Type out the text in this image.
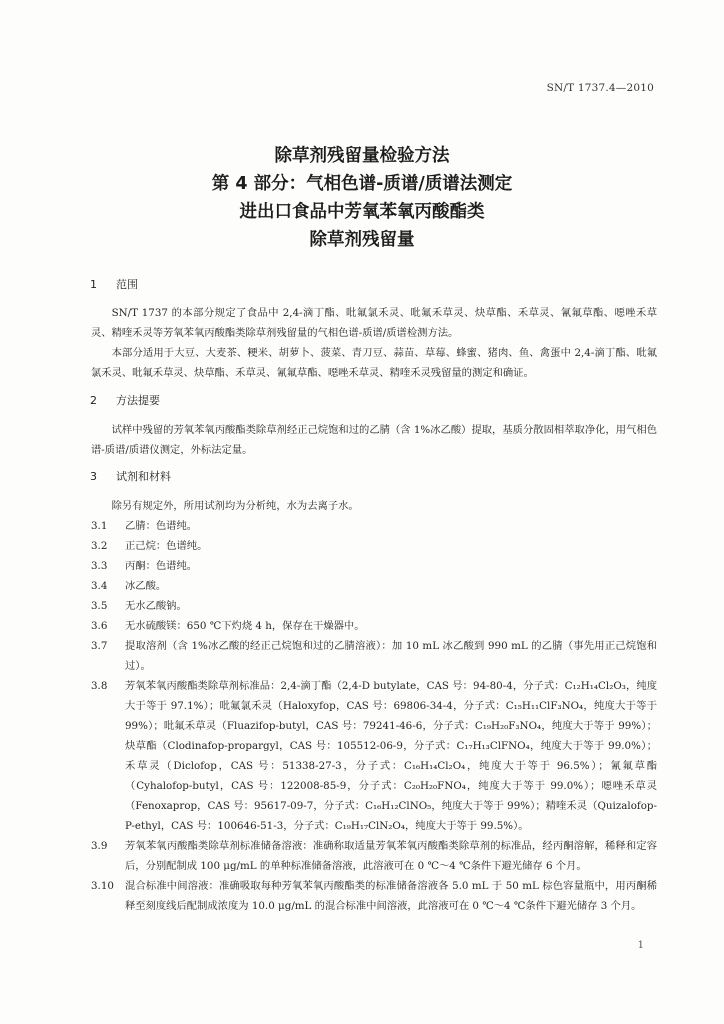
SN/T 1737.4—2010
除草剂残留量检验方法
第 4 部分：气相色谱-质谱/质谱法测定
进出口食品中芳氧苯氧丙酸酯类
除草剂残留量
1 范围

SN/T 1737 的本部分规定了食品中 2,4-滴丁酯、吡氟氯禾灵、吡氟禾草灵、炔草酯、禾草灵、氰氟草酯、噁唑禾草灵、精喹禾灵等芳氧苯氧丙酸酯类除草剂残留量的气相色谱-质谱/质谱检测方法。

本部分适用于大豆、大麦茶、粳米、胡萝卜、菠菜、青刀豆、蒜苗、草莓、蜂蜜、猪肉、鱼、禽蛋中 2,4-滴丁酯、吡氟氯禾灵、吡氟禾草灵、炔草酯、禾草灵、氰氟草酯、噁唑禾草灵、精喹禾灵残留量的测定和确证。

2 方法提要

试样中残留的芳氧苯氧丙酸酯类除草剂经正己烷饱和过的乙腈（含 1%冰乙酸）提取，基质分散固相萃取净化，用气相色谱-质谱/质谱仪测定，外标法定量。

3 试剂和材料

除另有规定外，所用试剂均为分析纯，水为去离子水。

3.1	乙腈：色谱纯。
3.2	正己烷：色谱纯。
3.3	丙酮：色谱纯。
3.4	冰乙酸。
3.5	无水乙酸钠。
3.6	无水硫酸镁：650 ℃下灼烧 4 h，保存在干燥器中。
3.7	提取溶剂（含 1%冰乙酸的经正己烷饱和过的乙腈溶液）：加 10 mL 冰乙酸到 990 mL 的乙腈（事先用正己烷饱和过）。
3.8	芳氧苯氧丙酸酯类除草剂标准品：2,4-滴丁酯（2,4-D butylate，CAS 号：94-80-4，分子式：C₁₂H₁₄Cl₂O₃，纯度大于等于 97.1%）；吡氟氯禾灵（Haloxyfop，CAS 号：69806-34-4，分子式：C₁₅H₁₁ClF₃NO₄，纯度大于等于 99%）；吡氟禾草灵（Fluazifop-butyl，CAS 号：79241-46-6，分子式：C₁₉H₂₀F₃NO₄，纯度大于等于 99%）；炔草酯（Clodinafop-propargyl，CAS 号：105512-06-9，分子式：C₁₇H₁₃ClFNO₄，纯度大于等于 99.0%）；禾草灵（Diclofop，CAS 号：51338-27-3，分子式：C₁₆H₁₄Cl₂O₄，纯度大于等于 96.5%）；氰氟草酯（Cyhalofop-butyl，CAS 号：122008-85-9，分子式：C₂₀H₂₀FNO₄，纯度大于等于 99.0%）；噁唑禾草灵（Fenoxaprop，CAS 号：95617-09-7，分子式：C₁₆H₁₂ClNO₅，纯度大于等于 99%）；精喹禾灵（Quizalofop-P-ethyl，CAS 号：100646-51-3，分子式：C₁₉H₁₇ClN₂O₄，纯度大于等于 99.5%）。
3.9	芳氧苯氧丙酸酯类除草剂标准储备溶液：准确称取适量芳氧苯氧丙酸酯类除草剂的标准品，经丙酮溶解，稀释和定容后，分别配制成 100 μg/mL 的单种标准储备溶液，此溶液可在 0 ℃～4 ℃条件下避光储存 6 个月。
3.10	混合标准中间溶液：准确吸取每种芳氧苯氧丙酸酯类的标准储备溶液各 5.0 mL 于 50 mL 棕色容量瓶中，用丙酮稀释至刻度线后配制成浓度为 10.0 μg/mL 的混合标准中间溶液，此溶液可在 0 ℃～4 ℃条件下避光储存 3 个月。
1
